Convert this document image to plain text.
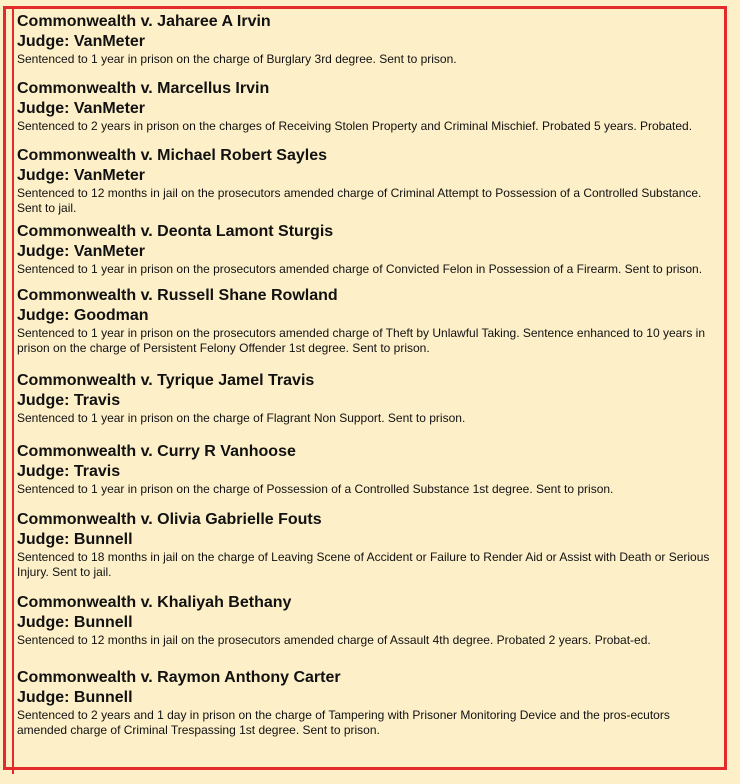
Commonwealth v. Jaharee A Irvin
Judge: VanMeter
Sentenced to 1 year in prison on the charge of Burglary 3rd degree. Sent to prison.
Commonwealth v. Marcellus Irvin
Judge: VanMeter
Sentenced to 2 years in prison on the charges of Receiving Stolen Property and Criminal Mischief. Probated 5 years. Probated.
Commonwealth v. Michael Robert Sayles
Judge: VanMeter
Sentenced to 12 months in jail on the prosecutors amended charge of Criminal Attempt to Possession of a Controlled Substance. Sent to jail.
Commonwealth v. Deonta Lamont Sturgis
Judge: VanMeter
Sentenced to 1 year in prison on the prosecutors amended charge of Convicted Felon in Possession of a Firearm. Sent to prison.
Commonwealth v. Russell Shane Rowland
Judge: Goodman
Sentenced to 1 year in prison on the prosecutors amended charge of Theft by Unlawful Taking. Sentence enhanced to 10 years in prison on the charge of Persistent Felony Offender 1st degree. Sent to prison.
Commonwealth v. Tyrique Jamel Travis
Judge: Travis
Sentenced to 1 year in prison on the charge of Flagrant Non Support. Sent to prison.
Commonwealth v. Curry R Vanhoose
Judge: Travis
Sentenced to 1 year in prison on the charge of Possession of a Controlled Substance 1st degree. Sent to prison.
Commonwealth v. Olivia Gabrielle Fouts
Judge: Bunnell
Sentenced to 18 months in jail on the charge of Leaving Scene of Accident or Failure to Render Aid or Assist with Death or Serious Injury. Sent to jail.
Commonwealth v. Khaliyah Bethany
Judge: Bunnell
Sentenced to 12 months in jail on the prosecutors amended charge of Assault 4th degree. Probated 2 years. Probat-ed.
Commonwealth v. Raymon Anthony Carter
Judge: Bunnell
Sentenced to 2 years and 1 day in prison on the charge of Tampering with Prisoner Monitoring Device and the pros-ecutors amended charge of Criminal Trespassing 1st degree. Sent to prison.
